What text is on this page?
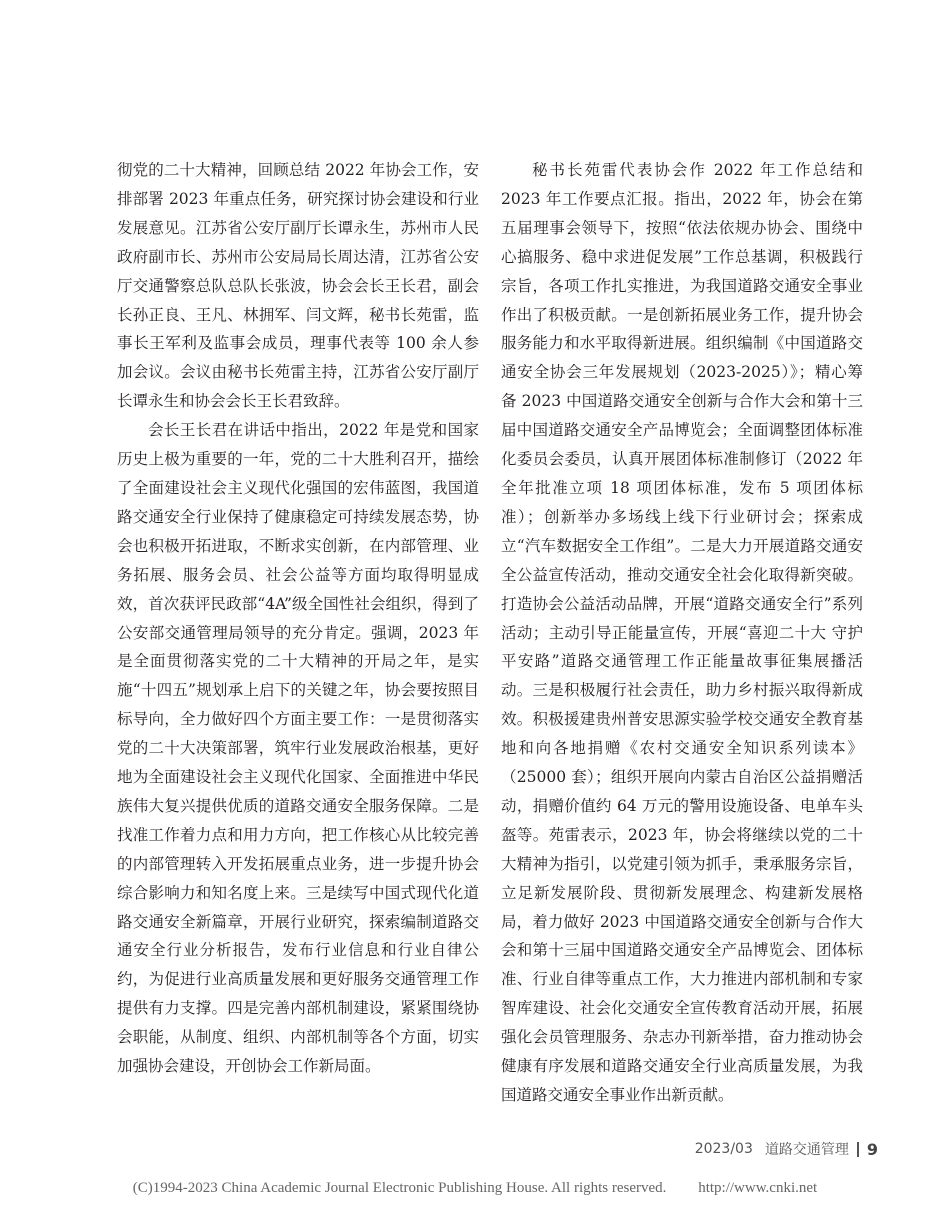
彻党的二十大精神，回顾总结 2022 年协会工作，安排部署 2023 年重点任务，研究探讨协会建设和行业发展意见。江苏省公安厅副厅长谭永生，苏州市人民政府副市长、苏州市公安局局长周达清，江苏省公安厅交通警察总队总队长张波，协会会长王长君，副会长孙正良、王凡、林拥军、闫文辉，秘书长苑雷，监事长王军利及监事会成员，理事代表等 100 余人参加会议。会议由秘书长苑雷主持，江苏省公安厅副厅长谭永生和协会会长王长君致辞。

会长王长君在讲话中指出，2022 年是党和国家历史上极为重要的一年，党的二十大胜利召开，描绘了全面建设社会主义现代化强国的宏伟蓝图，我国道路交通安全行业保持了健康稳定可持续发展态势，协会也积极开拓进取，不断求实创新，在内部管理、业务拓展、服务会员、社会公益等方面均取得明显成效，首次获评民政部“4A”级全国性社会组织，得到了公安部交通管理局领导的充分肯定。强调，2023 年是全面贯彻落实党的二十大精神的开局之年，是实施“十四五”规划承上启下的关键之年，协会要按照目标导向，全力做好四个方面主要工作：一是贯彻落实党的二十大决策部署，筑牢行业发展政治根基，更好地为全面建设社会主义现代化国家、全面推进中华民族伟大复兴提供优质的道路交通安全服务保障。二是找准工作着力点和用力方向，把工作核心从比较完善的内部管理转入开发拓展重点业务，进一步提升协会综合影响力和知名度上来。三是续写中国式现代化道路交通安全新篇章，开展行业研究，探索编制道路交通安全行业分析报告，发布行业信息和行业自律公约，为促进行业高质量发展和更好服务交通管理工作提供有力支撑。四是完善内部机制建设，紧紧围绕协会职能，从制度、组织、内部机制等各个方面，切实加强协会建设，开创协会工作新局面。

秘书长苑雷代表协会作 2022 年工作总结和 2023 年工作要点汇报。指出，2022 年，协会在第五届理事会领导下，按照“依法依规办协会、围绕中心搞服务、稳中求进促发展”工作总基调，积极践行宗旨，各项工作扎实推进，为我国道路交通安全事业作出了积极贡献。一是创新拓展业务工作，提升协会服务能力和水平取得新进展。组织编制《中国道路交通安全协会三年发展规划（2023-2025）》；精心筹备 2023 中国道路交通安全创新与合作大会和第十三届中国道路交通安全产品博览会；全面调整团体标准化委员会委员，认真开展团体标准制修订（2022 年全年批准立项 18 项团体标准，发布 5 项团体标准）；创新举办多场线上线下行业研讨会；探索成立“汽车数据安全工作组”。二是大力开展道路交通安全公益宣传活动，推动交通安全社会化取得新突破。打造协会公益活动品牌，开展“道路交通安全行”系列活动；主动引导正能量宣传，开展“喜迎二十大 守护平安路”道路交通管理工作正能量故事征集展播活动。三是积极履行社会责任，助力乡村振兴取得新成效。积极援建贵州普安思源实验学校交通安全教育基地和向各地捐赠《农村交通安全知识系列读本》（25000 套）；组织开展向内蒙古自治区公益捐赠活动，捐赠价值约 64 万元的警用设施设备、电单车头盔等。苑雷表示，2023 年，协会将继续以党的二十大精神为指引，以党建引领为抓手，秉承服务宗旨，立足新发展阶段、贯彻新发展理念、构建新发展格局，着力做好 2023 中国道路交通安全创新与合作大会和第十三届中国道路交通安全产品博览会、团体标准、行业自律等重点工作，大力推进内部机制和专家智库建设、社会化交通安全宣传教育活动开展，拓展强化会员管理服务、杂志办刊新举措，奋力推动协会健康有序发展和道路交通安全行业高质量发展，为我国道路交通安全事业作出新贡献。

2023/03 道路交通管理 9
(C)1994-2023 China Academic Journal Electronic Publishing House. All rights reserved. http://www.cnki.net
